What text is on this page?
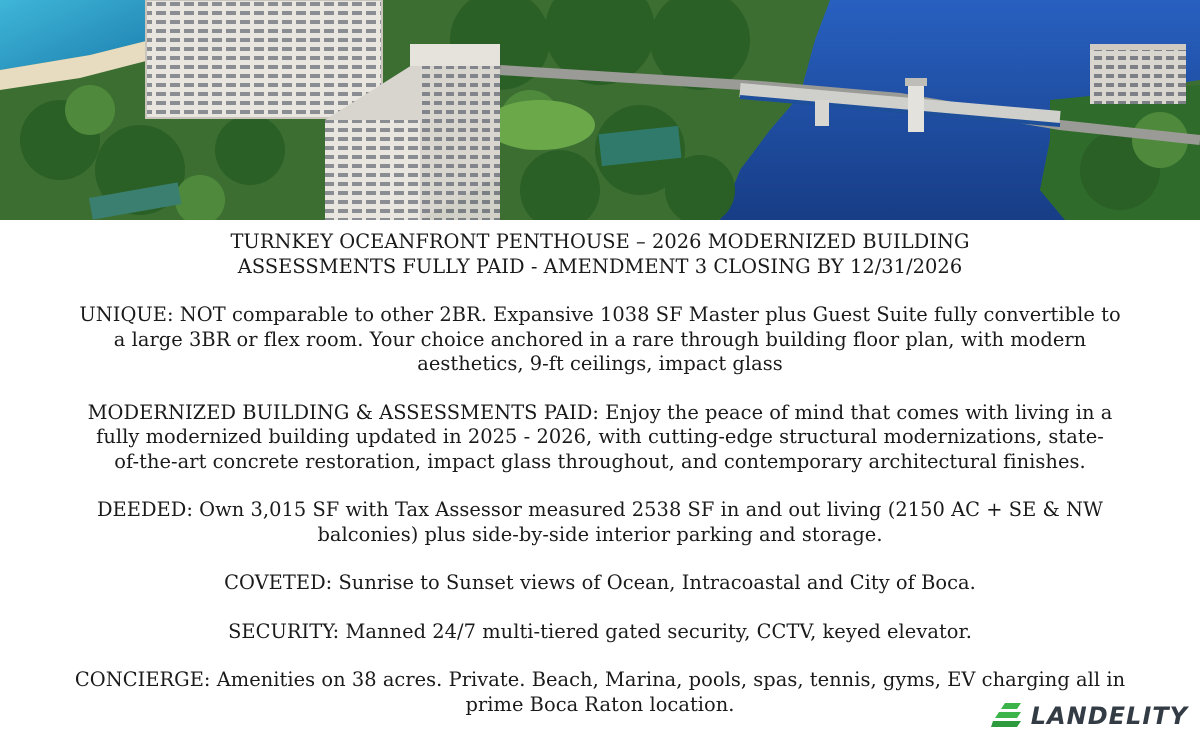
TURNKEY OCEANFRONT PENTHOUSE – 2026 MODERNIZED BUILDING
ASSESSMENTS FULLY PAID - AMENDMENT 3 CLOSING BY 12/31/2026

UNIQUE: NOT comparable to other 2BR. Expansive 1038 SF Master plus Guest Suite fully convertible to
a large 3BR or flex room. Your choice anchored in a rare through building floor plan, with modern
aesthetics, 9-ft ceilings, impact glass

MODERNIZED BUILDING & ASSESSMENTS PAID: Enjoy the peace of mind that comes with living in a
fully modernized building updated in 2025 - 2026, with cutting-edge structural modernizations, state-
of-the-art concrete restoration, impact glass throughout, and contemporary architectural finishes.

DEEDED: Own 3,015 SF with Tax Assessor measured 2538 SF in and out living (2150 AC + SE & NW
balconies) plus side-by-side interior parking and storage.

COVETED: Sunrise to Sunset views of Ocean, Intracoastal and City of Boca.

SECURITY: Manned 24/7 multi-tiered gated security, CCTV, keyed elevator.

CONCIERGE: Amenities on 38 acres. Private. Beach, Marina, pools, spas, tennis, gyms, EV charging all in
prime Boca Raton location.	LANDELITY
